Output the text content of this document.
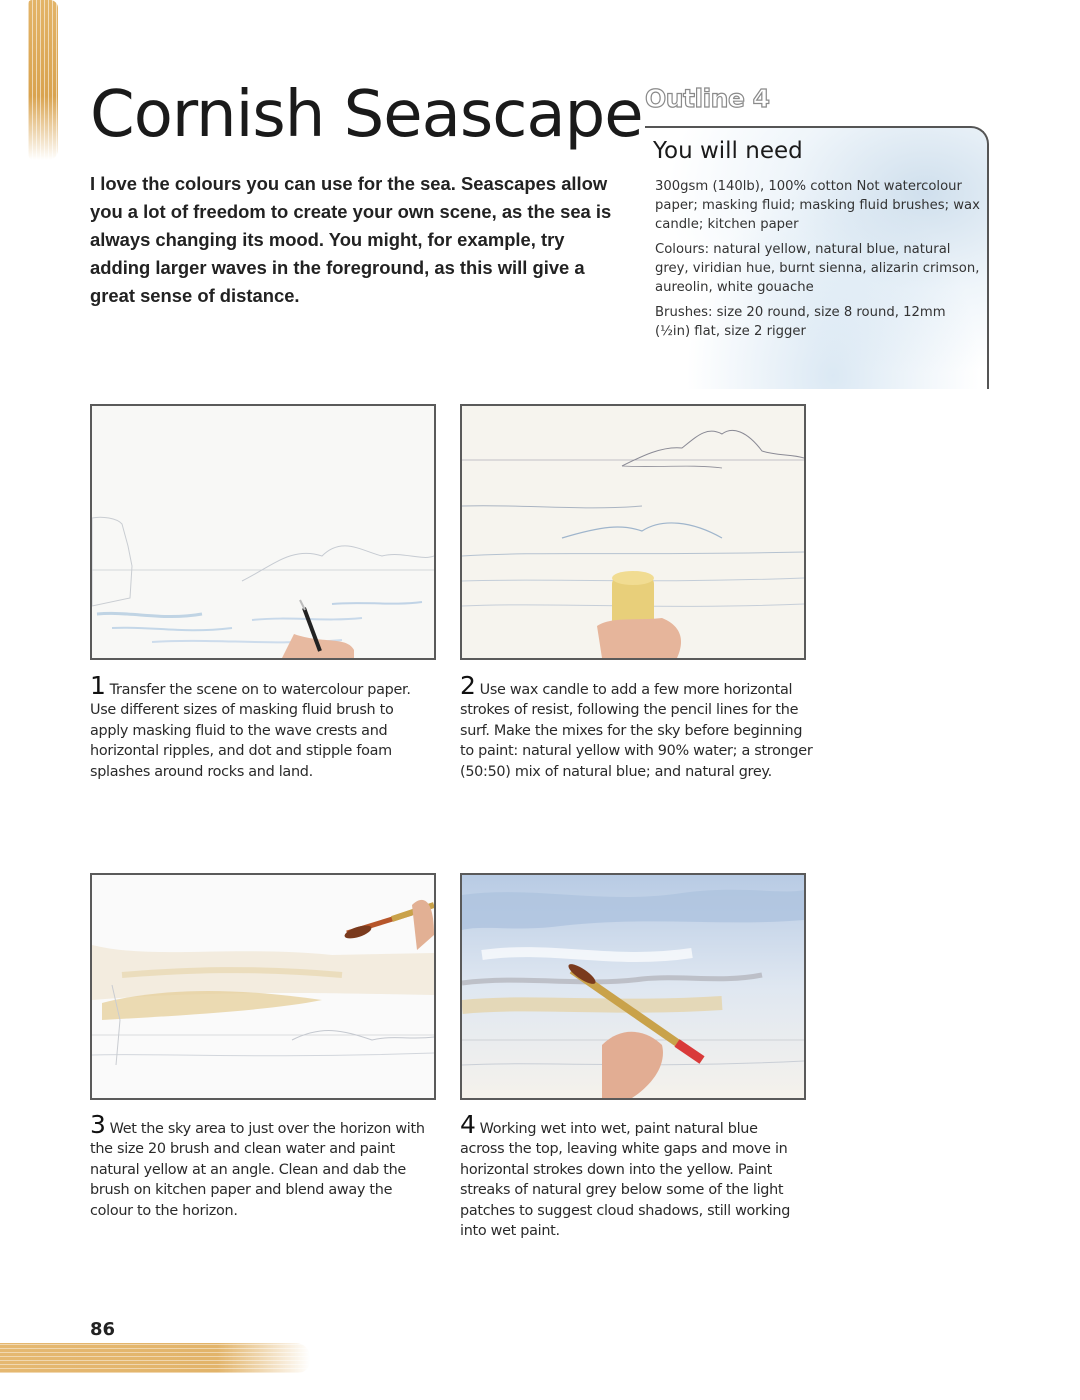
Cornish Seascape

I love the colours you can use for the sea. Seascapes allow you a lot of freedom to create your own scene, as the sea is always changing its mood. You might, for example, try adding larger waves in the foreground, as this will give a great sense of distance.

Outline 4
You will need

300gsm (140lb), 100% cotton Not watercolour paper; masking fluid; masking fluid brushes; wax candle; kitchen paper

Colours: natural yellow, natural blue, natural grey, viridian hue, burnt sienna, alizarin crimson, aureolin, white gouache

Brushes: size 20 round, size 8 round, 12mm (½in) flat, size 2 rigger

1 Transfer the scene on to watercolour paper. Use different sizes of masking fluid brush to apply masking fluid to the wave crests and horizontal ripples, and dot and stipple foam splashes around rocks and land.

2 Use wax candle to add a few more horizontal strokes of resist, following the pencil lines for the surf. Make the mixes for the sky before beginning to paint: natural yellow with 90% water; a stronger (50:50) mix of natural blue; and natural grey.

3 Wet the sky area to just over the horizon with the size 20 brush and clean water and paint natural yellow at an angle. Clean and dab the brush on kitchen paper and blend away the colour to the horizon.

4 Working wet into wet, paint natural blue across the top, leaving white gaps and move in horizontal strokes down into the yellow. Paint streaks of natural grey below some of the light patches to suggest cloud shadows, still working into wet paint.

86
